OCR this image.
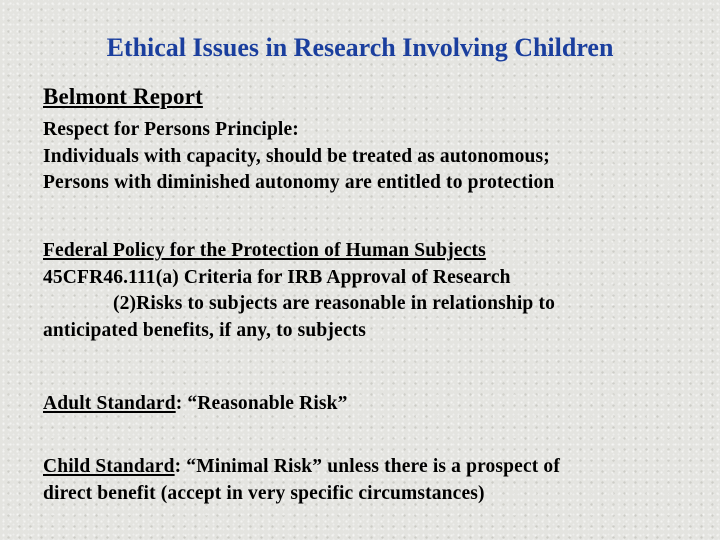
Ethical Issues in Research Involving Children
Belmont Report
Respect for Persons Principle:
Individuals with capacity, should be treated as autonomous;
Persons with diminished autonomy are entitled to protection
Federal Policy for the Protection of Human Subjects
45CFR46.111(a) Criteria for IRB Approval of Research
(2)Risks to subjects are reasonable in relationship to
anticipated benefits, if any, to subjects
Adult Standard: “Reasonable Risk”
Child Standard: “Minimal Risk” unless there is a prospect of
direct benefit (accept in very specific circumstances)
